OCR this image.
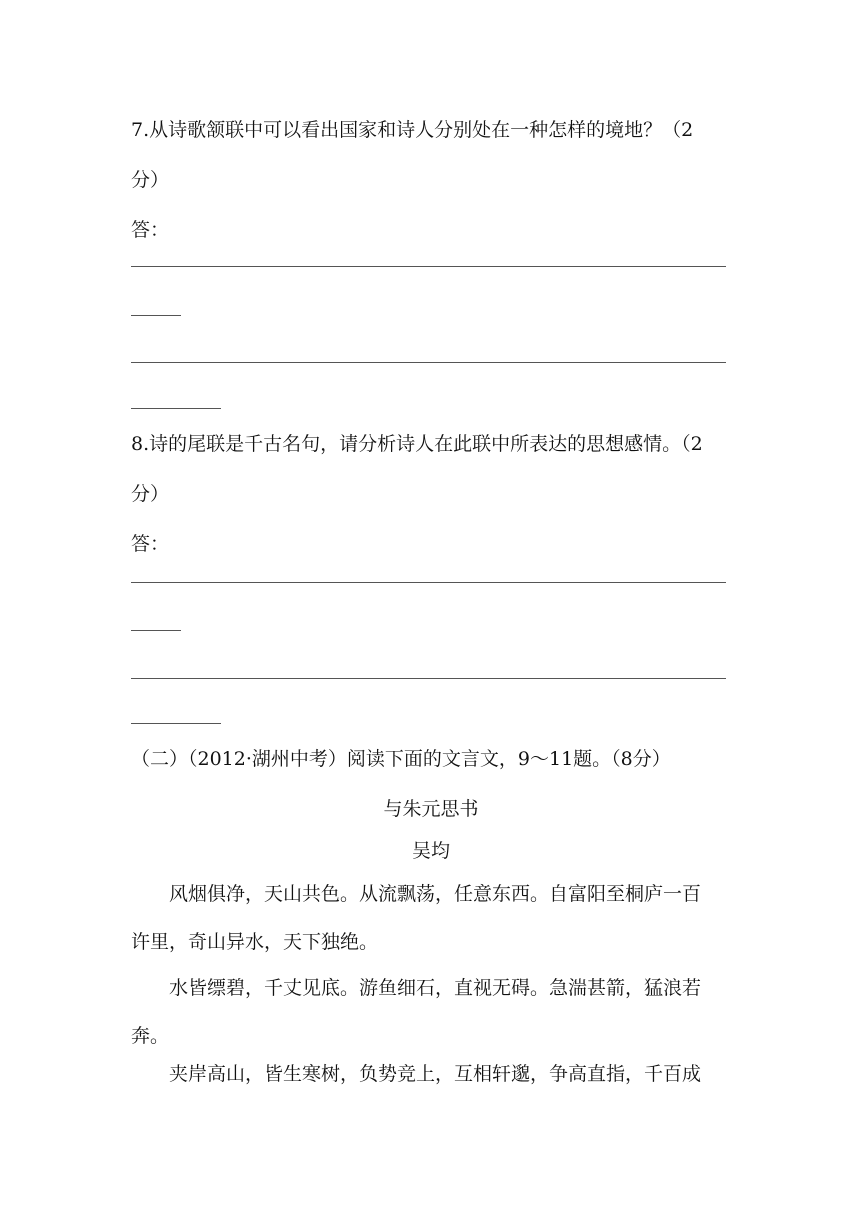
7.从诗歌颔联中可以看出国家和诗人分别处在一种怎样的境地？（2
分）
答：
8.诗的尾联是千古名句，请分析诗人在此联中所表达的思想感情。（2
分）
答：
（二）（2012·湖州中考）阅读下面的文言文，9～11题。（8分）
与朱元思书
吴均
风烟俱净，天山共色。从流飘荡，任意东西。自富阳至桐庐一百
许里，奇山异水，天下独绝。
水皆缥碧，千丈见底。游鱼细石，直视无碍。急湍甚箭，猛浪若
奔。
夹岸高山，皆生寒树，负势竞上，互相轩邈，争高直指，千百成
